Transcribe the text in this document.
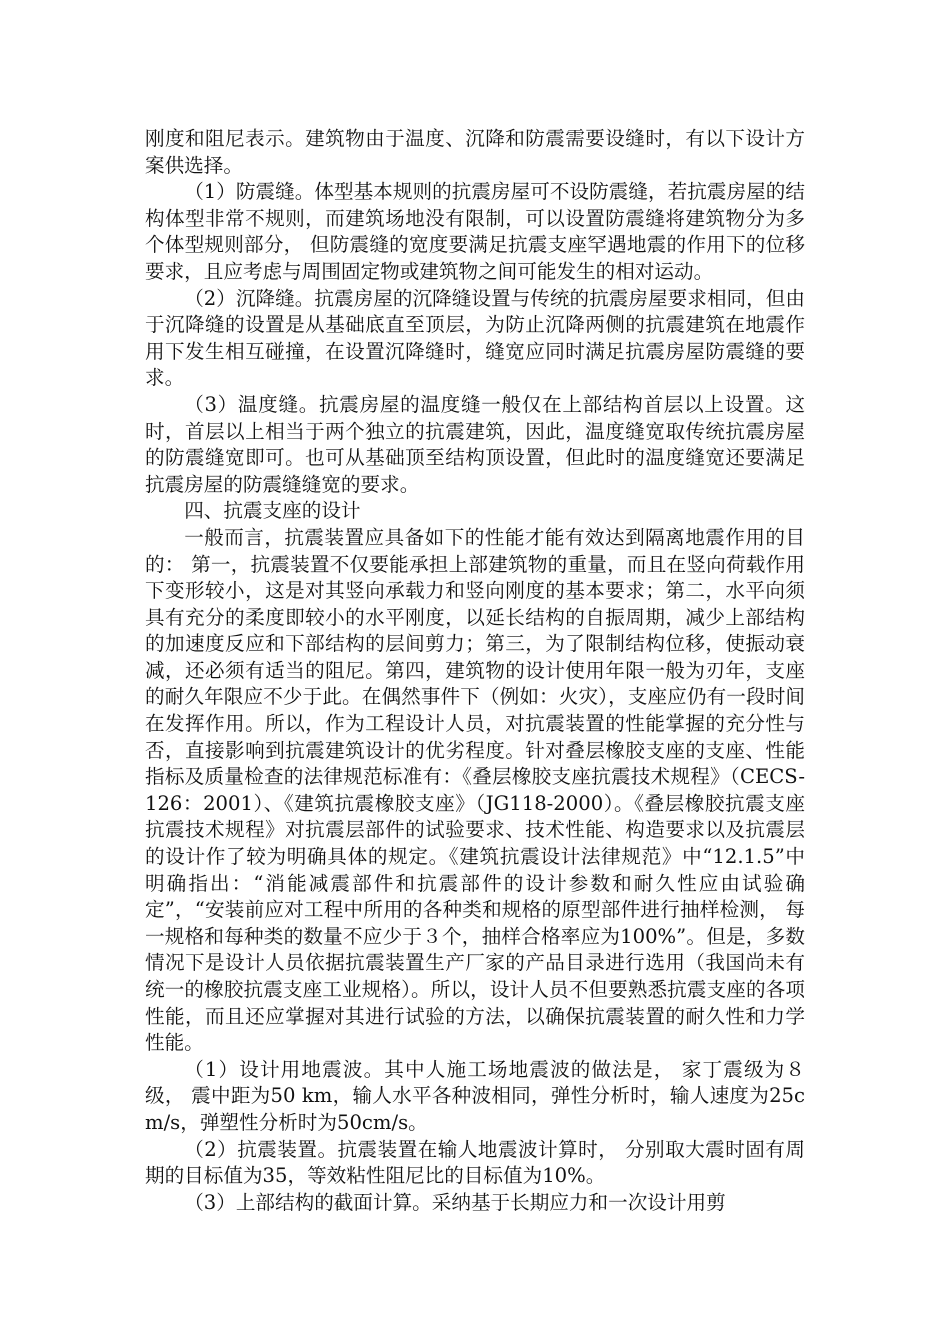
刚度和阻尼表示。建筑物由于温度、沉降和防震需要设缝时，有以下设计方案供选择。

（1）防震缝。体型基本规则的抗震房屋可不设防震缝，若抗震房屋的结构体型非常不规则，而建筑场地没有限制，可以设置防震缝将建筑物分为多个体型规则部分， 但防震缝的宽度要满足抗震支座罕遇地震的作用下的位移要求，且应考虑与周围固定物或建筑物之间可能发生的相对运动。

（2）沉降缝。抗震房屋的沉降缝设置与传统的抗震房屋要求相同，但由于沉降缝的设置是从基础底直至顶层，为防止沉降两侧的抗震建筑在地震作用下发生相互碰撞，在设置沉降缝时，缝宽应同时满足抗震房屋防震缝的要求。

（3）温度缝。抗震房屋的温度缝一般仅在上部结构首层以上设置。这时，首层以上相当于两个独立的抗震建筑，因此，温度缝宽取传统抗震房屋的防震缝宽即可。也可从基础顶至结构顶设置，但此时的温度缝宽还要满足抗震房屋的防震缝缝宽的要求。

四、抗震支座的设计

一般而言，抗震装置应具备如下的性能才能有效达到隔离地震作用的目的： 第一，抗震装置不仅要能承担上部建筑物的重量，而且在竖向荷载作用下变形较小，这是对其竖向承载力和竖向刚度的基本要求；第二，水平向须具有充分的柔度即较小的水平刚度，以延长结构的自振周期，减少上部结构的加速度反应和下部结构的层间剪力；第三，为了限制结构位移，使振动衰减，还必须有适当的阻尼。第四，建筑物的设计使用年限一般为刃年，支座的耐久年限应不少于此。在偶然事件下（例如：火灾），支座应仍有一段时间在发挥作用。所以，作为工程设计人员，对抗震装置的性能掌握的充分性与否，直接影响到抗震建筑设计的优劣程度。针对叠层橡胶支座的支座、性能指标及质量检查的法律规范标准有：《叠层橡胶支座抗震技术规程》（CECS-126：2001）、《建筑抗震橡胶支座》（JG118-2000）。《叠层橡胶抗震支座抗震技术规程》对抗震层部件的试验要求、技术性能、构造要求以及抗震层的设计作了较为明确具体的规定。《建筑抗震设计法律规范》中“12.1.5”中明确指出：“消能减震部件和抗震部件的设计参数和耐久性应由试验确定”，“安装前应对工程中所用的各种类和规格的原型部件进行抽样检测， 每一规格和每种类的数量不应少于３个，抽样合格率应为100%”。但是，多数情况下是设计人员依据抗震装置生产厂家的产品目录进行选用（我国尚未有统一的橡胶抗震支座工业规格）。所以，设计人员不但要熟悉抗震支座的各项性能，而且还应掌握对其进行试验的方法，以确保抗震装置的耐久性和力学性能。

（1）设计用地震波。其中人施工场地震波的做法是， 家丁震级为８级， 震中距为50 km，输人水平各种波相同，弹性分析时，输人速度为25cm/s，弹塑性分析时为50cm/s。

（2）抗震装置。抗震装置在输人地震波计算时， 分别取大震时固有周期的目标值为35，等效粘性阻尼比的目标值为10%。

（3）上部结构的截面计算。采纳基于长期应力和一次设计用剪
